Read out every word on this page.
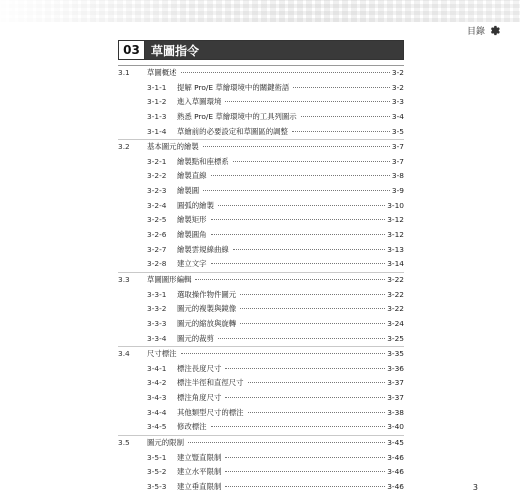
目錄
03 草圖指令
3.1	草圖概述	3-2
3-1-1	提解 Pro/E 草繪環境中的關鍵術語	3-2
3-1-2	進入草圖環境	3-3
3-1-3	熟悉 Pro/E 草繪環境中的工具列圖示	3-4
3-1-4	草繪前的必要設定和草圖區的調整	3-5
3.2	基本圖元的繪製	3-7
3-2-1	繪製點和座標系	3-7
3-2-2	繪製直線	3-8
3-2-3	繪製圓	3-9
3-2-4	圓弧的繪製	3-10
3-2-5	繪製矩形	3-12
3-2-6	繪製圓角	3-12
3-2-7	繪製雲規線曲線	3-13
3-2-8	建立文字	3-14
3.3	草圖圖形編輯	3-22
3-3-1	選取操作物件圖元	3-22
3-3-2	圖元的複製與鏡像	3-22
3-3-3	圖元的縮放與旋轉	3-24
3-3-4	圖元的裁剪	3-25
3.4	尺寸標注	3-35
3-4-1	標注長度尺寸	3-36
3-4-2	標注半徑和直徑尺寸	3-37
3-4-3	標注角度尺寸	3-37
3-4-4	其他類型尺寸的標注	3-38
3-4-5	修改標注	3-40
3.5	圖元的限制	3-45
3-5-1	建立豎直限制	3-46
3-5-2	建立水平限制	3-46
3-5-3	建立垂直限制	3-46	3
